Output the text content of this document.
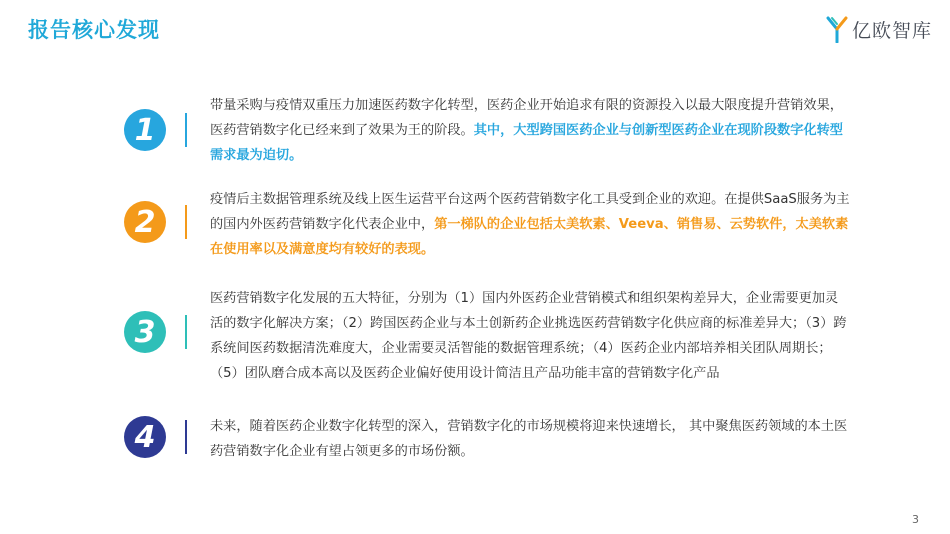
报告核心发现	亿欧智库
1
带量采购与疫情双重压力加速医药数字化转型，医药企业开始追求有限的资源投入以最大限度提升营销效果，医药营销数字化已经来到了效果为王的阶段。其中，大型跨国医药企业与创新型医药企业在现阶段数字化转型需求最为迫切。
2
疫情后主数据管理系统及线上医生运营平台这两个医药营销数字化工具受到企业的欢迎。在提供SaaS服务为主的国内外医药营销数字化代表企业中，第一梯队的企业包括太美软素、Veeva、销售易、云势软件，太美软素在使用率以及满意度均有较好的表现。
3
医药营销数字化发展的五大特征，分别为（1）国内外医药企业营销模式和组织架构差异大，企业需要更加灵活的数字化解决方案；（2）跨国医药企业与本土创新药企业挑选医药营销数字化供应商的标准差异大；（3）跨系统间医药数据清洗难度大，企业需要灵活智能的数据管理系统；（4）医药企业内部培养相关团队周期长；（5）团队磨合成本高以及医药企业偏好使用设计简洁且产品功能丰富的营销数字化产品
4	未来，随着医药企业数字化转型的深入，营销数字化的市场规模将迎来快速增长， 其中聚焦医药领域的本土医药营销数字化企业有望占领更多的市场份额。
3
